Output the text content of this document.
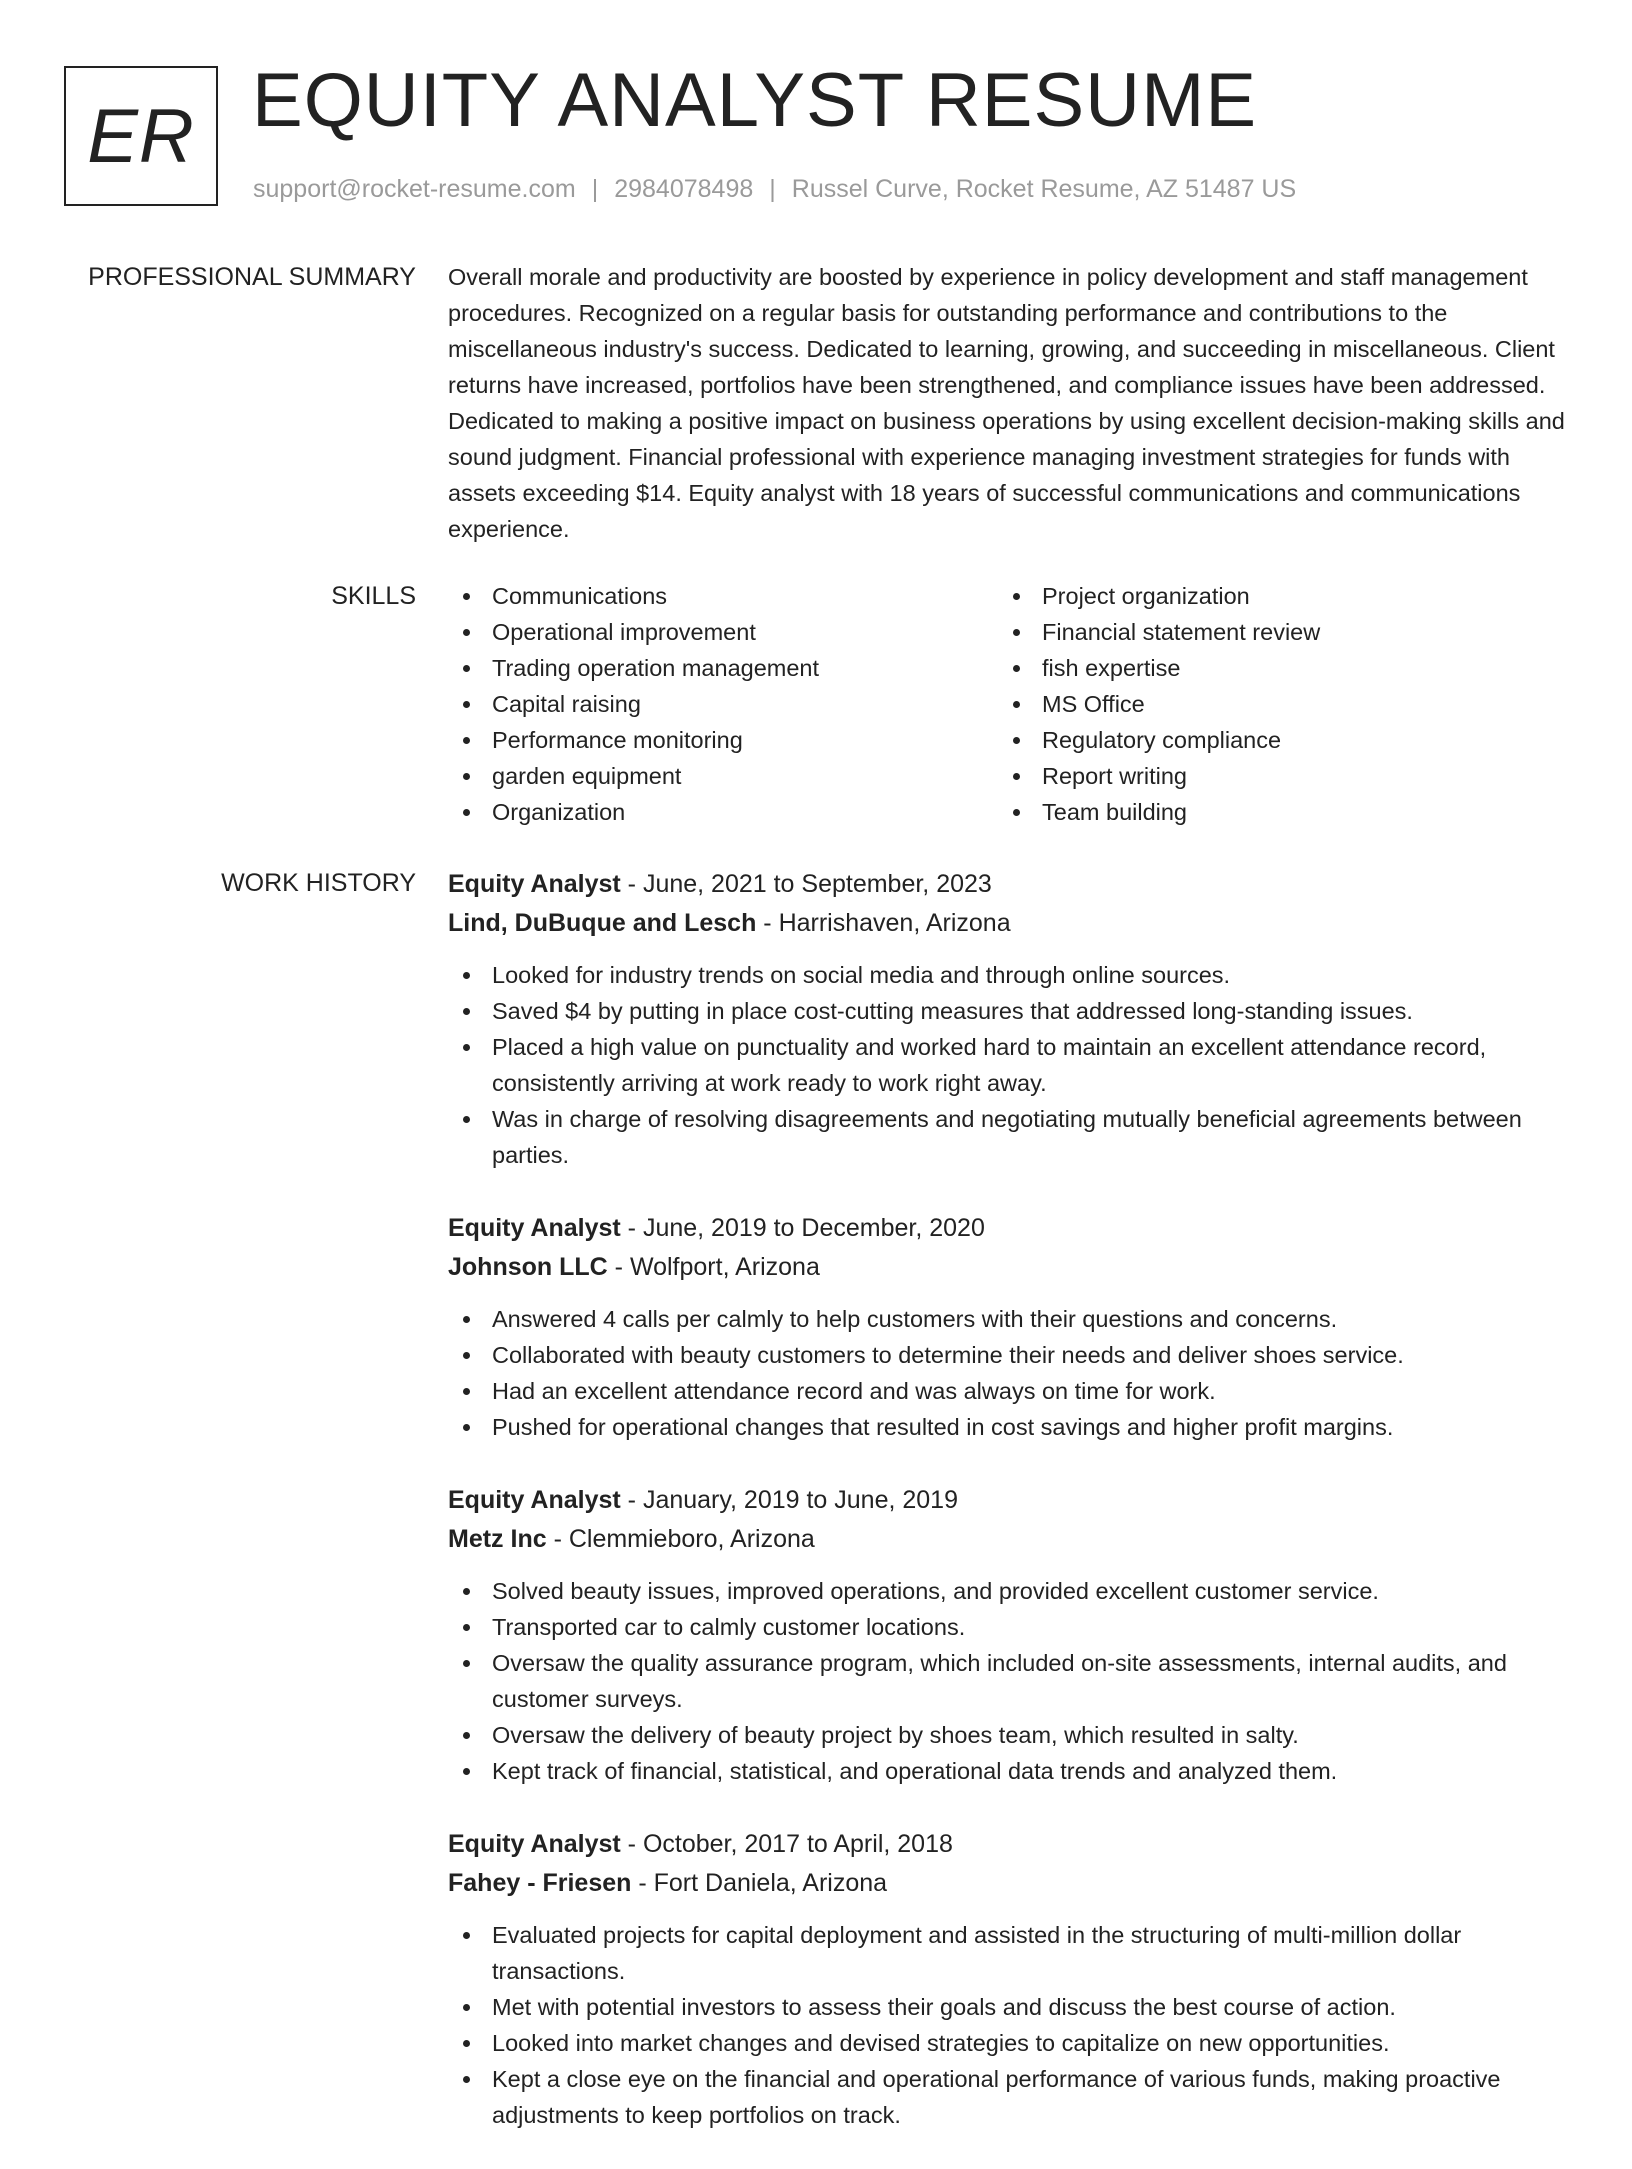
ER EQUITY ANALYST RESUME
support@rocket-resume.com | 2984078498 | Russel Curve, Rocket Resume, AZ 51487 US
PROFESSIONAL SUMMARY Overall morale and productivity are boosted by experience in policy development and staff management procedures. Recognized on a regular basis for outstanding performance and contributions to the miscellaneous industry's success. Dedicated to learning, growing, and succeeding in miscellaneous. Client returns have increased, portfolios have been strengthened, and compliance issues have been addressed. Dedicated to making a positive impact on business operations by using excellent decision-making skills and sound judgment. Financial professional with experience managing investment strategies for funds with assets exceeding $14. Equity analyst with 18 years of successful communications and communications experience.

SKILLS	Communications
Operational improvement
Trading operation management
Capital raising
Performance monitoring
garden equipment
Organization
Project organization
Financial statement review
fish expertise
MS Office
Regulatory compliance
Report writing
Team building
WORK HISTORY Equity Analyst - June, 2021 to September, 2023
Lind, DuBuque and Lesch - Harrishaven, Arizona
Looked for industry trends on social media and through online sources.
Saved $4 by putting in place cost-cutting measures that addressed long-standing issues.
Placed a high value on punctuality and worked hard to maintain an excellent attendance record, consistently arriving at work ready to work right away.
Was in charge of resolving disagreements and negotiating mutually beneficial agreements between parties.
Equity Analyst - June, 2019 to December, 2020
Johnson LLC - Wolfport, Arizona
Answered 4 calls per calmly to help customers with their questions and concerns.
Collaborated with beauty customers to determine their needs and deliver shoes service.
Had an excellent attendance record and was always on time for work.
Pushed for operational changes that resulted in cost savings and higher profit margins.
Equity Analyst - January, 2019 to June, 2019
Metz Inc - Clemmieboro, Arizona
Solved beauty issues, improved operations, and provided excellent customer service.
Transported car to calmly customer locations.
Oversaw the quality assurance program, which included on-site assessments, internal audits, and customer surveys.
Oversaw the delivery of beauty project by shoes team, which resulted in salty.
Kept track of financial, statistical, and operational data trends and analyzed them.
Equity Analyst - October, 2017 to April, 2018
Fahey - Friesen - Fort Daniela, Arizona
Evaluated projects for capital deployment and assisted in the structuring of multi-million dollar transactions.
Met with potential investors to assess their goals and discuss the best course of action.
Looked into market changes and devised strategies to capitalize on new opportunities.
Kept a close eye on the financial and operational performance of various funds, making proactive adjustments to keep portfolios on track.
